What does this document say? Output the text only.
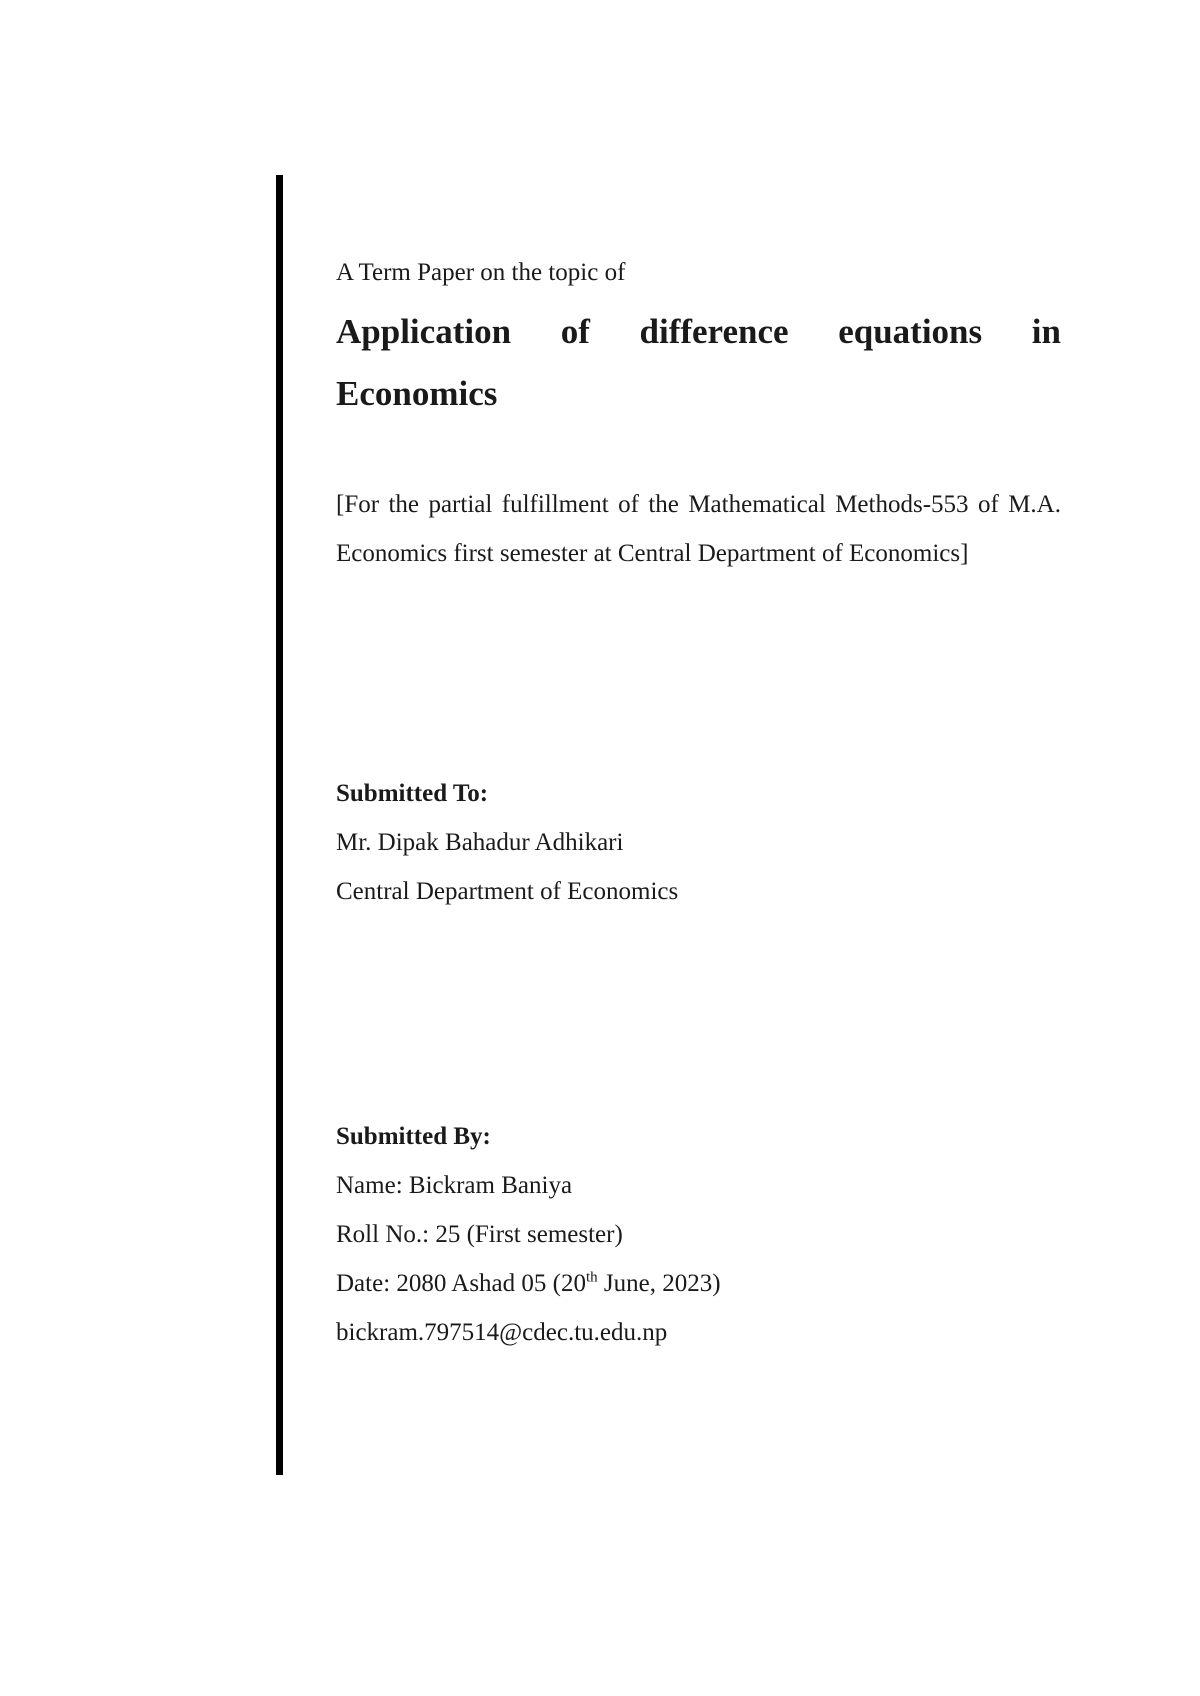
A Term Paper on the topic of

Application of difference equations in Economics

[For the partial fulfillment of the Mathematical Methods-553 of M.A. Economics first semester at Central Department of Economics]

Submitted To:

Mr. Dipak Bahadur Adhikari

Central Department of Economics

Submitted By:

Name: Bickram Baniya

Roll No.: 25 (First semester)

Date: 2080 Ashad 05 (20th June, 2023)

bickram.797514@cdec.tu.edu.np
